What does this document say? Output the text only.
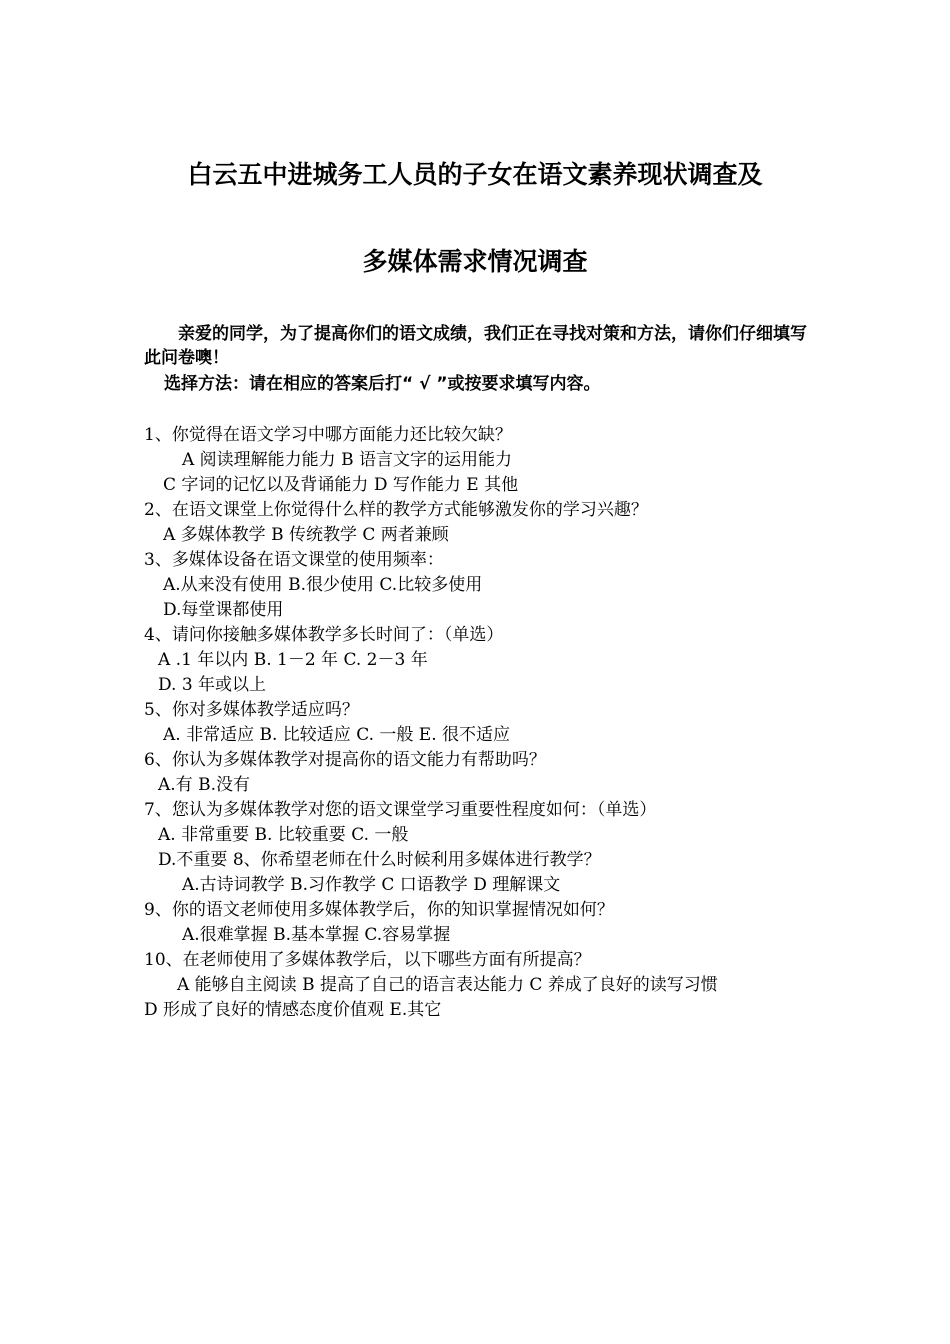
白云五中进城务工人员的子女在语文素养现状调查及
多媒体需求情况调查

亲爱的同学，为了提高你们的语文成绩，我们正在寻找对策和方法，请你们仔细填写此问卷噢！

选择方法：请在相应的答案后打“ √ ”或按要求填写内容。

1、你觉得在语文学习中哪方面能力还比较欠缺？
A 阅读理解能力能力 B 语言文字的运用能力
C 字词的记忆以及背诵能力 D 写作能力 E 其他
2、在语文课堂上你觉得什么样的教学方式能够激发你的学习兴趣？
A 多媒体教学 B 传统教学 C 两者兼顾
3、多媒体设备在语文课堂的使用频率：
A.从来没有使用 B.很少使用 C.比较多使用
D.每堂课都使用
4、请问你接触多媒体教学多长时间了：（单选）
A .1 年以内 B. 1－2 年 C. 2－3 年
D. 3 年或以上
5、你对多媒体教学适应吗？
A. 非常适应 B. 比较适应 C. 一般 E. 很不适应
6、你认为多媒体教学对提高你的语文能力有帮助吗？
A.有 B.没有
7、您认为多媒体教学对您的语文课堂学习重要性程度如何：（单选）
A. 非常重要 B. 比较重要 C. 一般
D.不重要 8、你希望老师在什么时候利用多媒体进行教学？
A.古诗词教学 B.习作教学 C 口语教学 D 理解课文
9、你的语文老师使用多媒体教学后，你的知识掌握情况如何？
A.很难掌握 B.基本掌握 C.容易掌握
10、在老师使用了多媒体教学后，以下哪些方面有所提高？
A 能够自主阅读 B 提高了自己的语言表达能力 C 养成了良好的读写习惯
D 形成了良好的情感态度价值观 E.其它
